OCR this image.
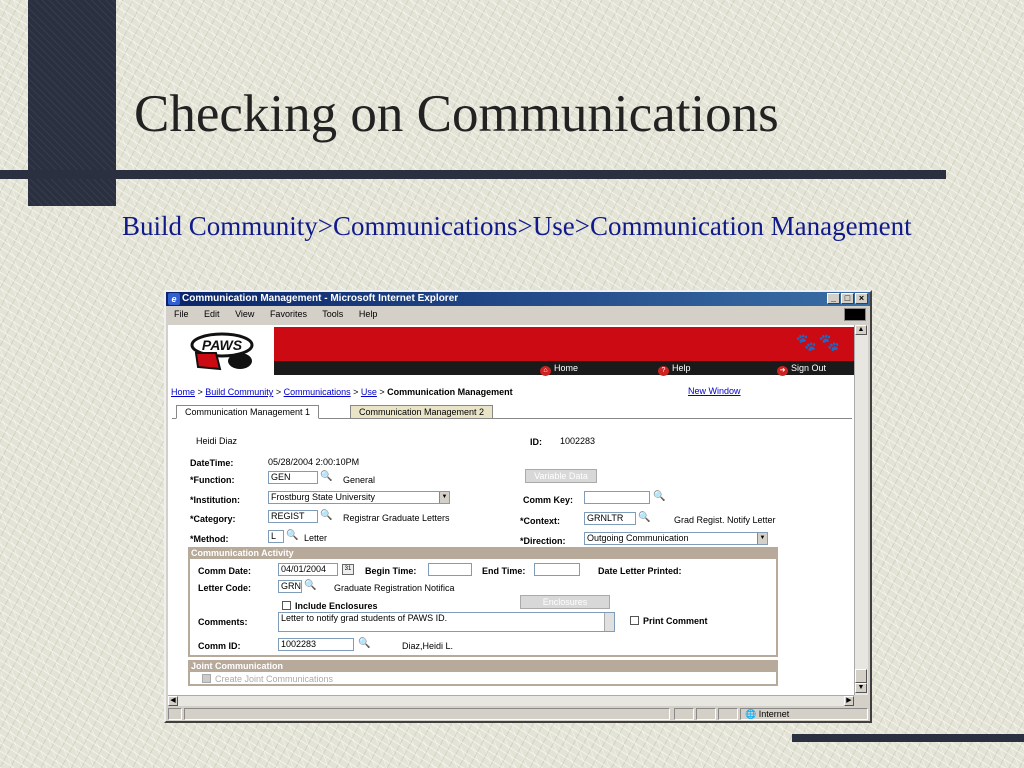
Checking on Communications

Build Community>Communications>Use>Communication Management

e Communication Management - Microsoft Internet Explorer	_ □ ×
File Edit View Favorites Tools Help
PAWS	🐾🐾
⌂ Home	? Help	➜ Sign Out
Home > Build Community > Communications > Use > Communication Management	New Window
Communication Management 1	Communication Management 2
Heidi Diaz	ID: 1002283
DateTime:	05/28/2004 2:00:10PM
*Function:	GEN	🔍 General	Variable Data
*Institution:	Frostburg State University	▼	Comm Key:	🔍
*Category:	REGIST	🔍 Registrar Graduate Letters	*Context:	GRNLTR	🔍	Grad Regist. Notify Letter
*Method:	L	🔍 Letter	*Direction:	Outgoing Communication	▼
Communication Activity
Comm Date:	04/01/2004	31 Begin Time:	End Time:	Date Letter Printed:
Letter Code:	GRN 🔍 Graduate Registration Notifica
Include Enclosures	Enclosures
Comments:	Letter to notify grad students of PAWS ID.	Print Comment
Comm ID:	1002283	🔍	Diaz,Heidi L.
Joint Communication
Create Joint Communications
▲
▼
◀	▶
🌐 Internet
